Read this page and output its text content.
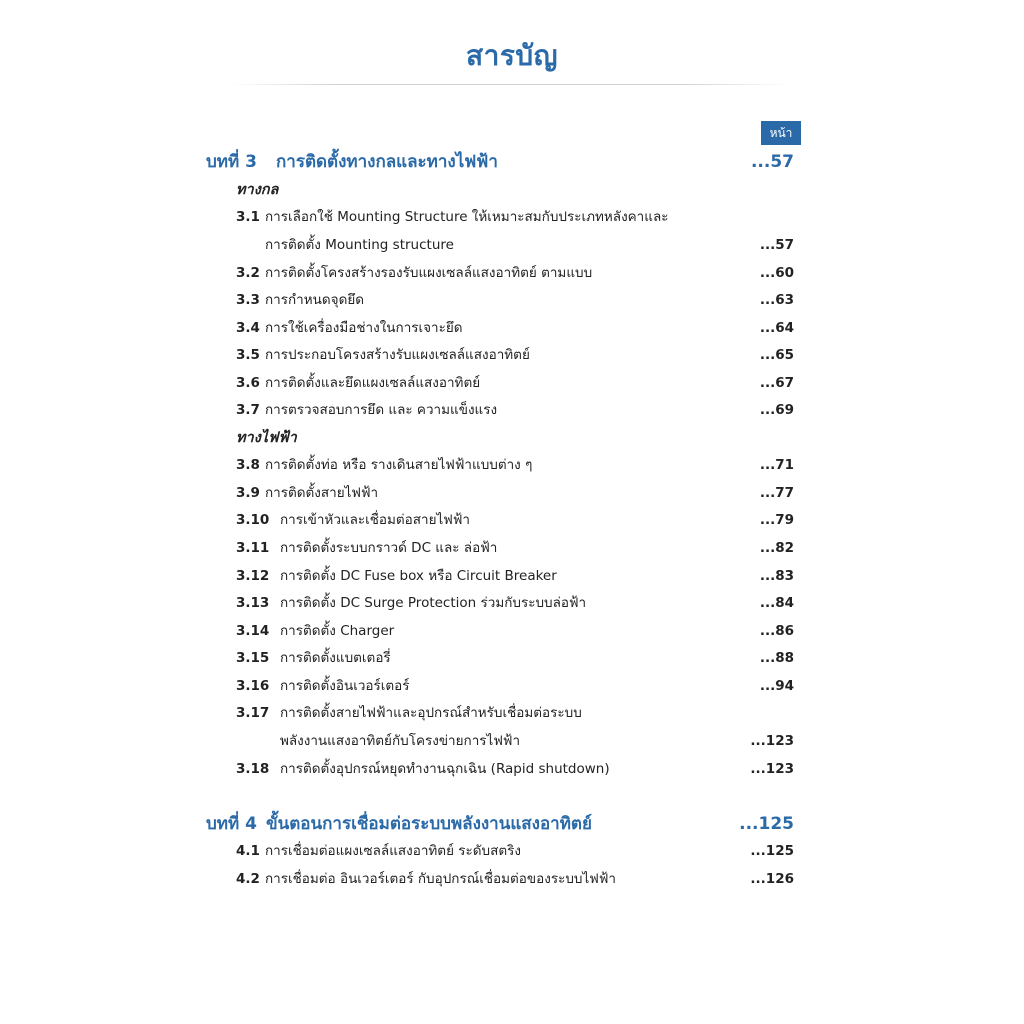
สารบัญ
หน้า
บทที่ 3 การติดตั้งทางกลและทางไฟฟ้า	...57
ทางกล
3.1 การเลือกใช้ Mounting Structure ให้เหมาะสมกับประเภทหลังคาและ
การติดตั้ง Mounting structure	...57
3.2 การติดตั้งโครงสร้างรองรับแผงเซลล์แสงอาทิตย์ ตามแบบ	...60
3.3 การกำหนดจุดยึด	...63
3.4 การใช้เครื่องมือช่างในการเจาะยึด	...64
3.5 การประกอบโครงสร้างรับแผงเซลล์แสงอาทิตย์	...65
3.6 การติดตั้งและยึดแผงเซลล์แสงอาทิตย์	...67
3.7 การตรวจสอบการยึด และ ความแข็งแรง	...69
ทางไฟฟ้า
3.8 การติดตั้งท่อ หรือ รางเดินสายไฟฟ้าแบบต่าง ๆ	...71
3.9 การติดตั้งสายไฟฟ้า	...77
3.10 การเข้าหัวและเชื่อมต่อสายไฟฟ้า	...79
3.11 การติดตั้งระบบกราวด์ DC และ ล่อฟ้า	...82
3.12 การติดตั้ง DC Fuse box หรือ Circuit Breaker	...83
3.13 การติดตั้ง DC Surge Protection ร่วมกับระบบล่อฟ้า	...84
3.14 การติดตั้ง Charger	...86
3.15 การติดตั้งแบตเตอรี่	...88
3.16 การติดตั้งอินเวอร์เตอร์	...94
3.17 การติดตั้งสายไฟฟ้าและอุปกรณ์สำหรับเชื่อมต่อระบบ
พลังงานแสงอาทิตย์กับโครงข่ายการไฟฟ้า	...123
3.18 การติดตั้งอุปกรณ์หยุดทำงานฉุกเฉิน (Rapid shutdown)	...123
บทที่ 4 ขั้นตอนการเชื่อมต่อระบบพลังงานแสงอาทิตย์	...125
4.1 การเชื่อมต่อแผงเซลล์แสงอาทิตย์ ระดับสตริง	...125
4.2 การเชื่อมต่อ อินเวอร์เตอร์ กับอุปกรณ์เชื่อมต่อของระบบไฟฟ้า	...126
